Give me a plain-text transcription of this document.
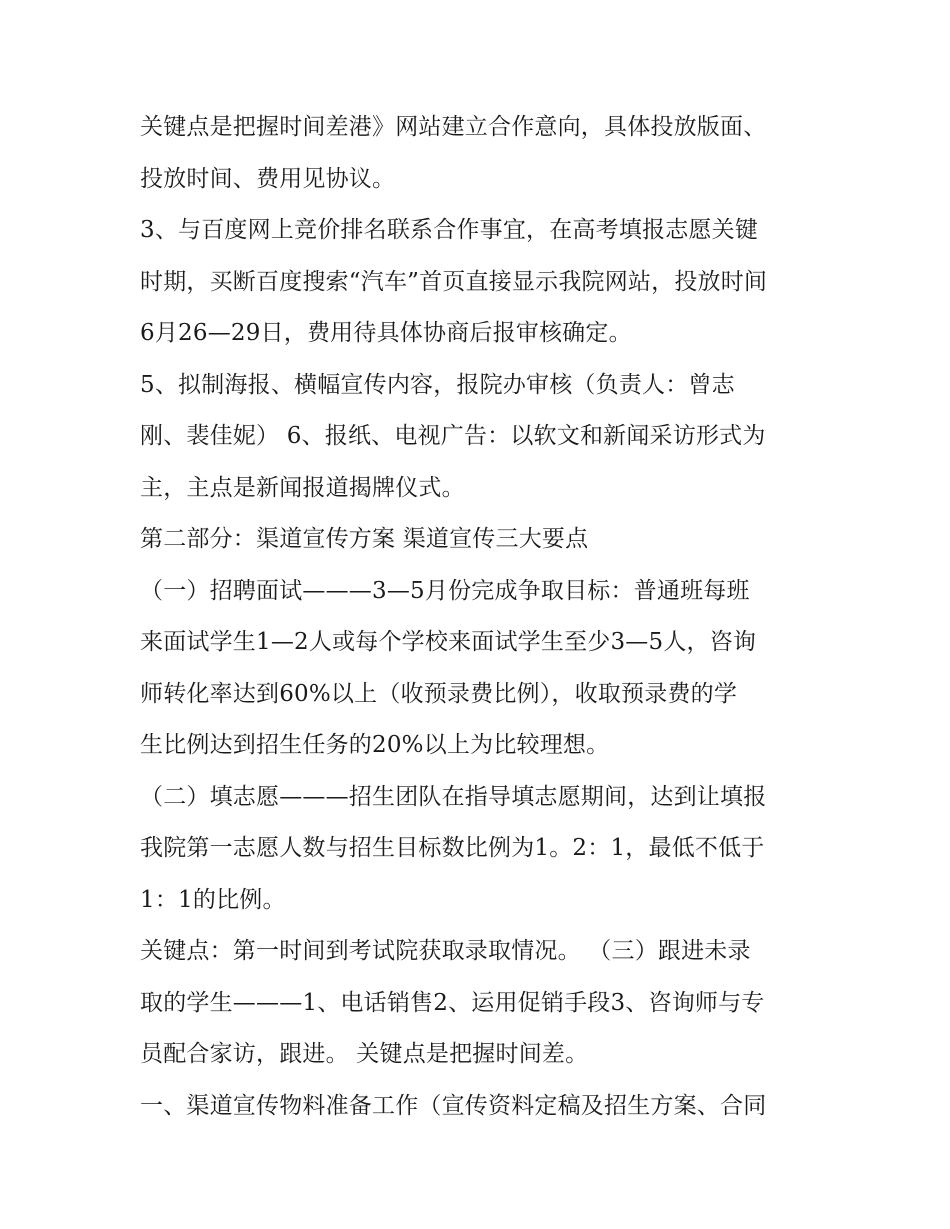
关键点是把握时间差港》网站建立合作意向，具体投放版面、
投放时间、费用见协议。
3、与百度网上竞价排名联系合作事宜，在高考填报志愿关键
时期，买断百度搜索“汽车”首页直接显示我院网站，投放时间
6月26—29日，费用待具体协商后报审核确定。
5、拟制海报、横幅宣传内容，报院办审核（负责人：曾志
刚、裴佳妮） 6、报纸、电视广告：以软文和新闻采访形式为
主，主点是新闻报道揭牌仪式。
第二部分：渠道宣传方案 渠道宣传三大要点
（一）招聘面试———3—5月份完成争取目标：普通班每班
来面试学生1—2人或每个学校来面试学生至少3—5人，咨询
师转化率达到60%以上（收预录费比例），收取预录费的学
生比例达到招生任务的20%以上为比较理想。
（二）填志愿———招生团队在指导填志愿期间，达到让填报
我院第一志愿人数与招生目标数比例为1。2：1，最低不低于
1：1的比例。
关键点：第一时间到考试院获取录取情况。 （三）跟进未录
取的学生———1、电话销售2、运用促销手段3、咨询师与专
员配合家访，跟进。 关键点是把握时间差。
一、渠道宣传物料准备工作（宣传资料定稿及招生方案、合同
